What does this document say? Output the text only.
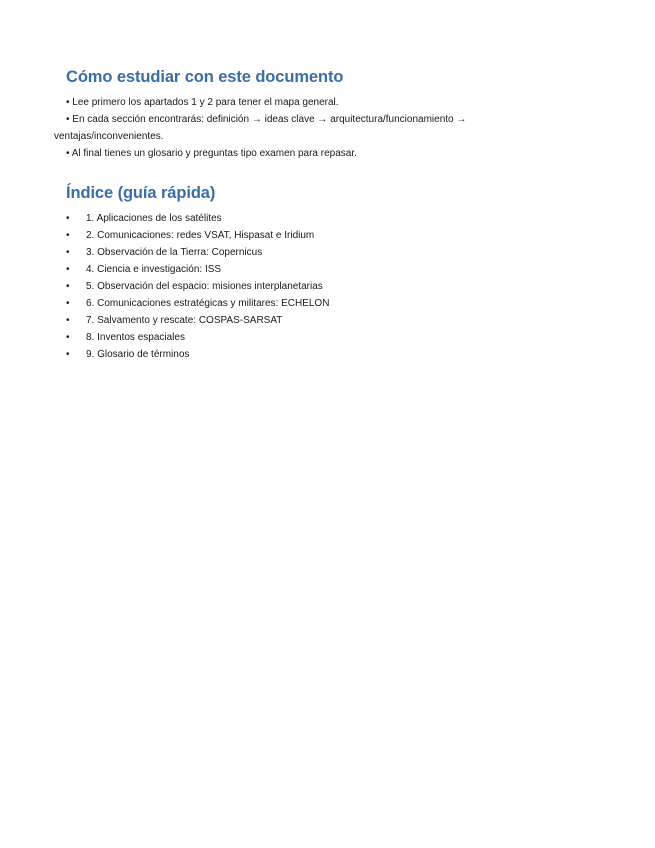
Cómo estudiar con este documento

• Lee primero los apartados 1 y 2 para tener el mapa general.

• En cada sección encontrarás: definición → ideas clave → arquitectura/funcionamiento →

ventajas/inconvenientes.

• Al final tienes un glosario y preguntas tipo examen para repasar.

Índice (guía rápida)
• 1. Aplicaciones de los satélites
• 2. Comunicaciones: redes VSAT, Hispasat e Iridium
• 3. Observación de la Tierra: Copernicus
• 4. Ciencia e investigación: ISS
• 5. Observación del espacio: misiones interplanetarias
• 6. Comunicaciones estratégicas y militares: ECHELON
• 7. Salvamento y rescate: COSPAS-SARSAT
• 8. Inventos espaciales
• 9. Glosario de términos
